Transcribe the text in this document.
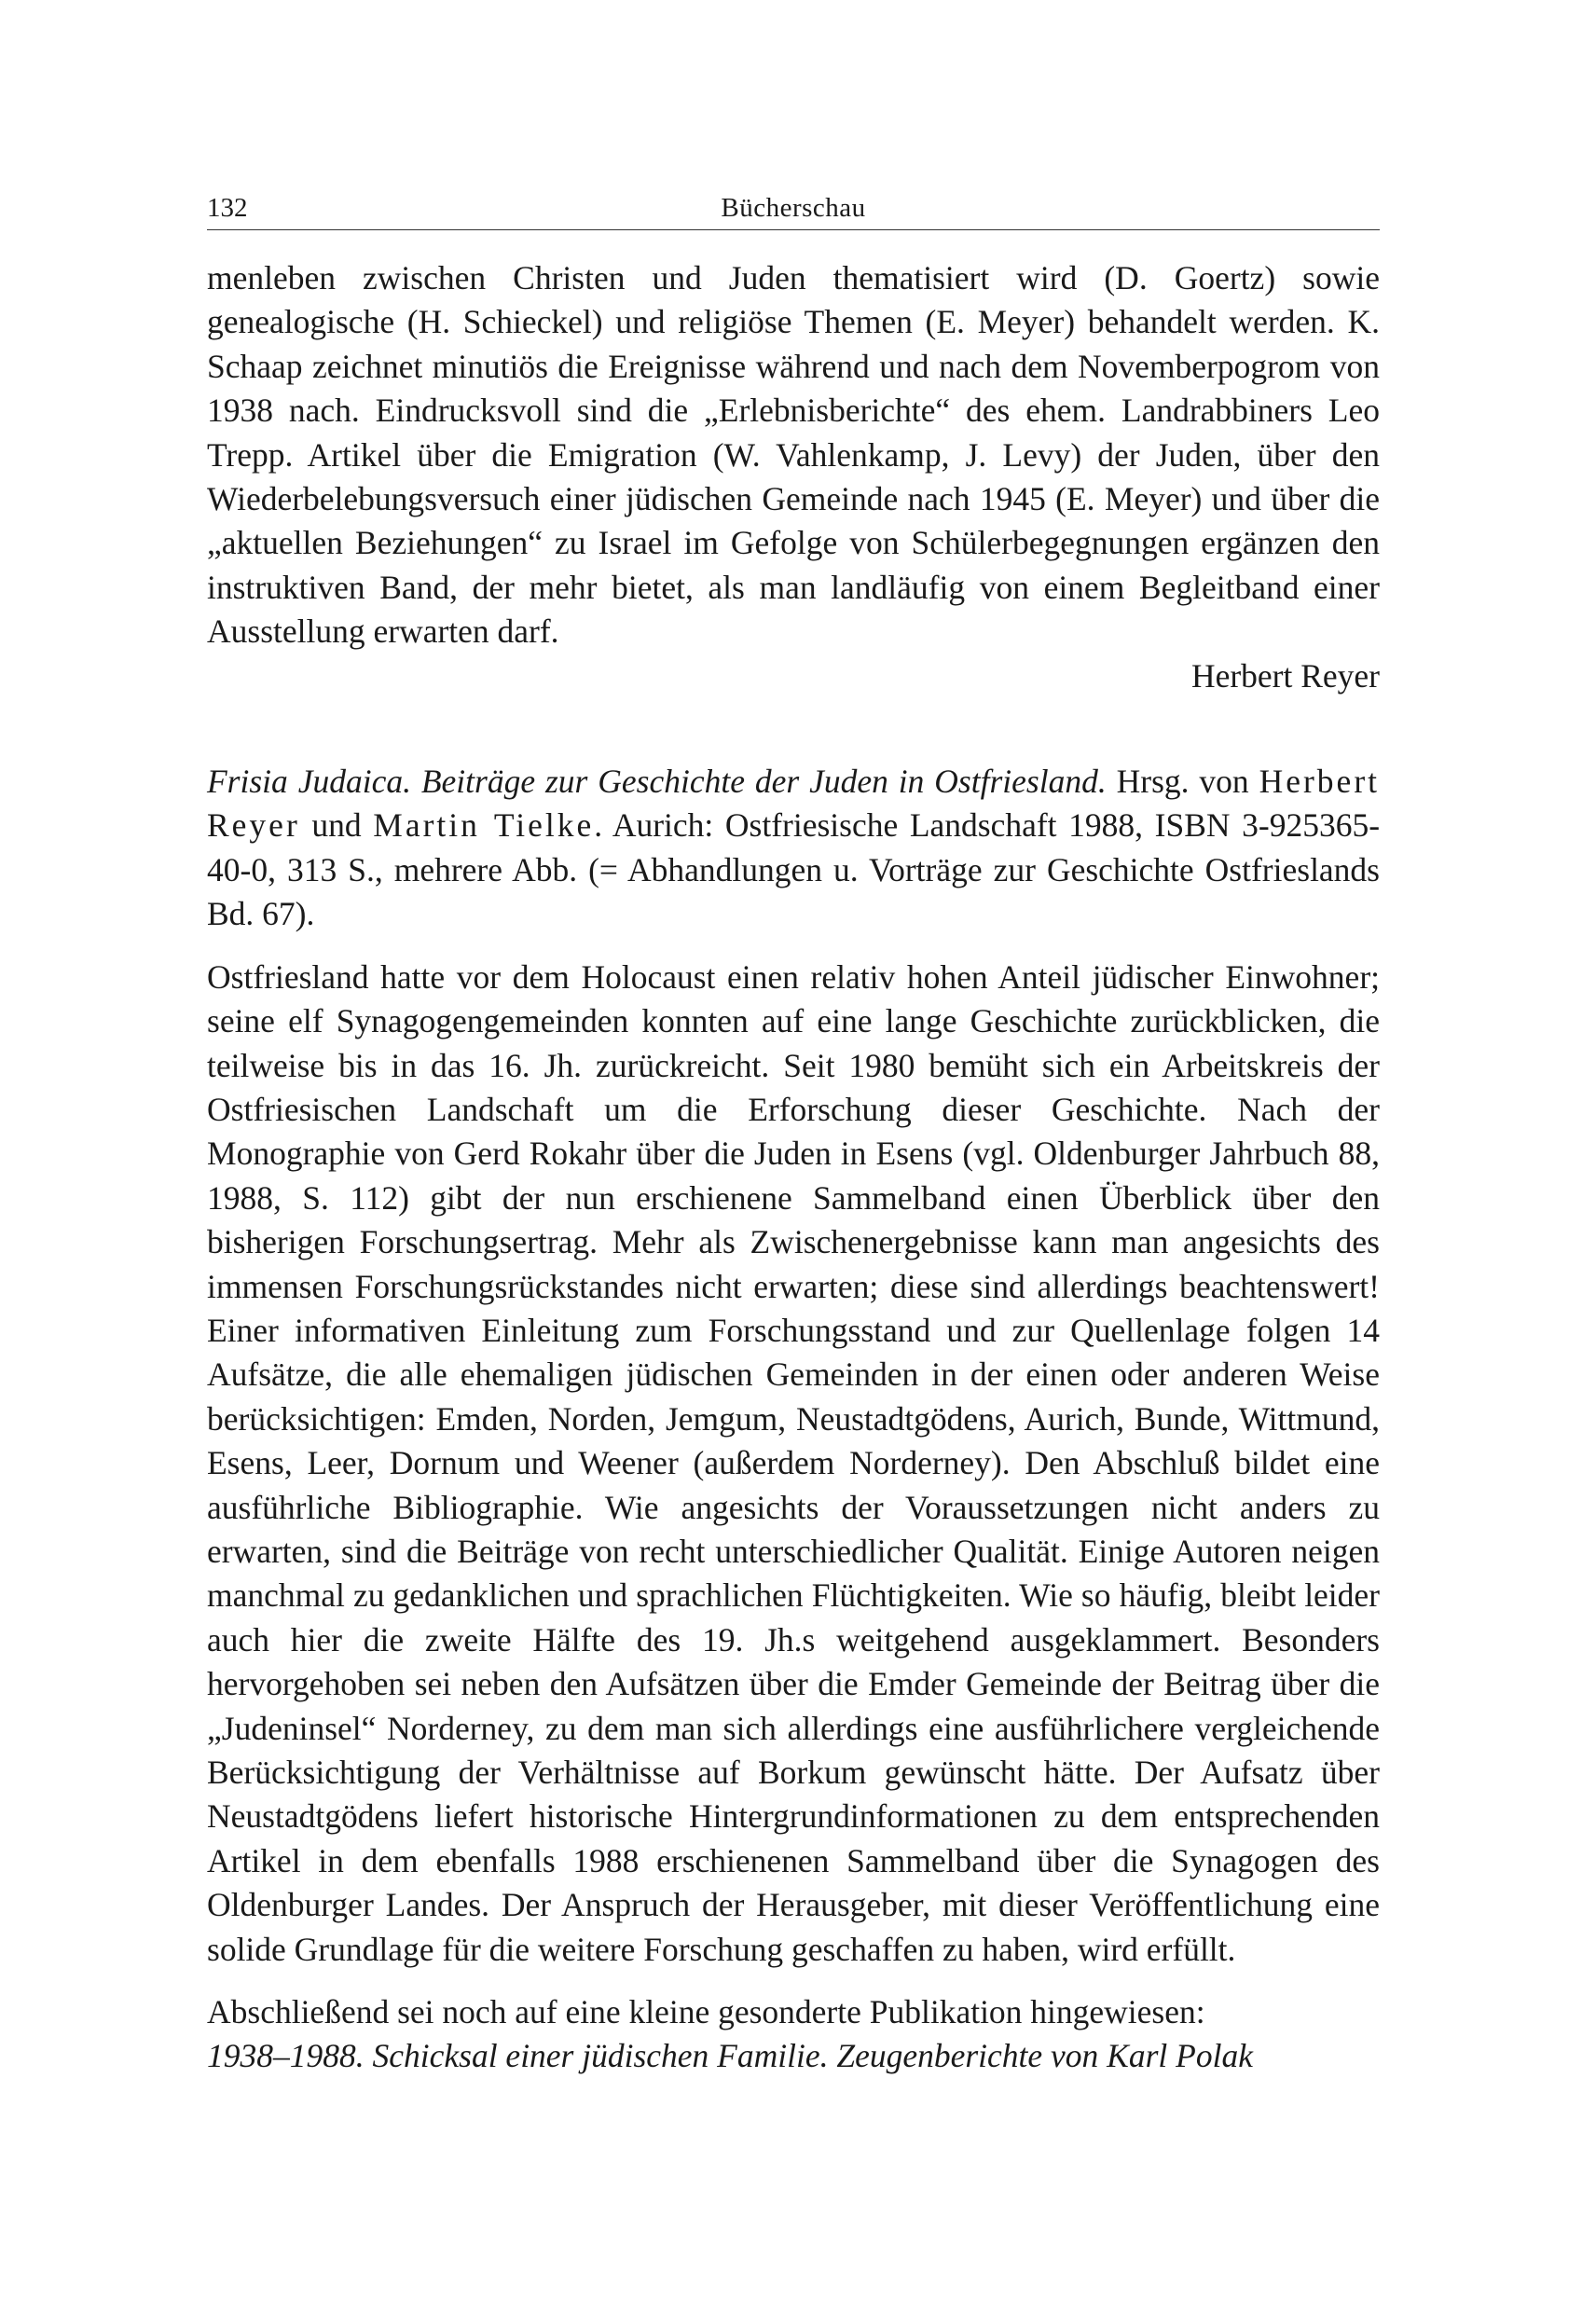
132	Bücherschau

menleben zwischen Christen und Juden thematisiert wird (D. Goertz) sowie genealogische (H. Schieckel) und religiöse Themen (E. Meyer) behandelt werden. K. Schaap zeichnet minutiös die Ereignisse während und nach dem Novemberpogrom von 1938 nach. Eindrucksvoll sind die „Erlebnisberichte“ des ehem. Landrabbiners Leo Trepp. Artikel über die Emigration (W. Vahlenkamp, J. Levy) der Juden, über den Wiederbelebungsversuch einer jüdischen Gemeinde nach 1945 (E. Meyer) und über die „aktuellen Beziehungen“ zu Israel im Gefolge von Schülerbegegnungen ergänzen den instruktiven Band, der mehr bietet, als man landläufig von einem Begleitband einer Ausstellung erwarten darf.

Herbert Reyer

Frisia Judaica. Beiträge zur Geschichte der Juden in Ostfriesland. Hrsg. von Herbert Reyer und Martin Tielke. Aurich: Ostfriesische Landschaft 1988, ISBN 3-925365-40-0, 313 S., mehrere Abb. (= Abhandlungen u. Vorträge zur Geschichte Ostfrieslands Bd. 67).

Ostfriesland hatte vor dem Holocaust einen relativ hohen Anteil jüdischer Einwohner; seine elf Synagogengemeinden konnten auf eine lange Geschichte zurückblicken, die teilweise bis in das 16. Jh. zurückreicht. Seit 1980 bemüht sich ein Arbeitskreis der Ostfriesischen Landschaft um die Erforschung dieser Geschichte. Nach der Monographie von Gerd Rokahr über die Juden in Esens (vgl. Oldenburger Jahrbuch 88, 1988, S. 112) gibt der nun erschienene Sammelband einen Überblick über den bisherigen Forschungsertrag. Mehr als Zwischenergebnisse kann man angesichts des immensen Forschungsrückstandes nicht erwarten; diese sind allerdings beachtenswert! Einer informativen Einleitung zum Forschungsstand und zur Quellenlage folgen 14 Aufsätze, die alle ehemaligen jüdischen Gemeinden in der einen oder anderen Weise berücksichtigen: Emden, Norden, Jemgum, Neustadtgödens, Aurich, Bunde, Wittmund, Esens, Leer, Dornum und Weener (außerdem Norderney). Den Abschluß bildet eine ausführliche Bibliographie. Wie angesichts der Voraussetzungen nicht anders zu erwarten, sind die Beiträge von recht unterschiedlicher Qualität. Einige Autoren neigen manchmal zu gedanklichen und sprachlichen Flüchtigkeiten. Wie so häufig, bleibt leider auch hier die zweite Hälfte des 19. Jh.s weitgehend ausgeklammert. Besonders hervorgehoben sei neben den Aufsätzen über die Emder Gemeinde der Beitrag über die „Judeninsel“ Norderney, zu dem man sich allerdings eine ausführlichere vergleichende Berücksichtigung der Verhältnisse auf Borkum gewünscht hätte. Der Aufsatz über Neustadtgödens liefert historische Hintergrundinformationen zu dem entsprechenden Artikel in dem ebenfalls 1988 erschienenen Sammelband über die Synagogen des Oldenburger Landes. Der Anspruch der Herausgeber, mit dieser Veröffentlichung eine solide Grundlage für die weitere Forschung geschaffen zu haben, wird erfüllt.

Abschließend sei noch auf eine kleine gesonderte Publikation hingewiesen:
1938–1988. Schicksal einer jüdischen Familie. Zeugenberichte von Karl Polak
